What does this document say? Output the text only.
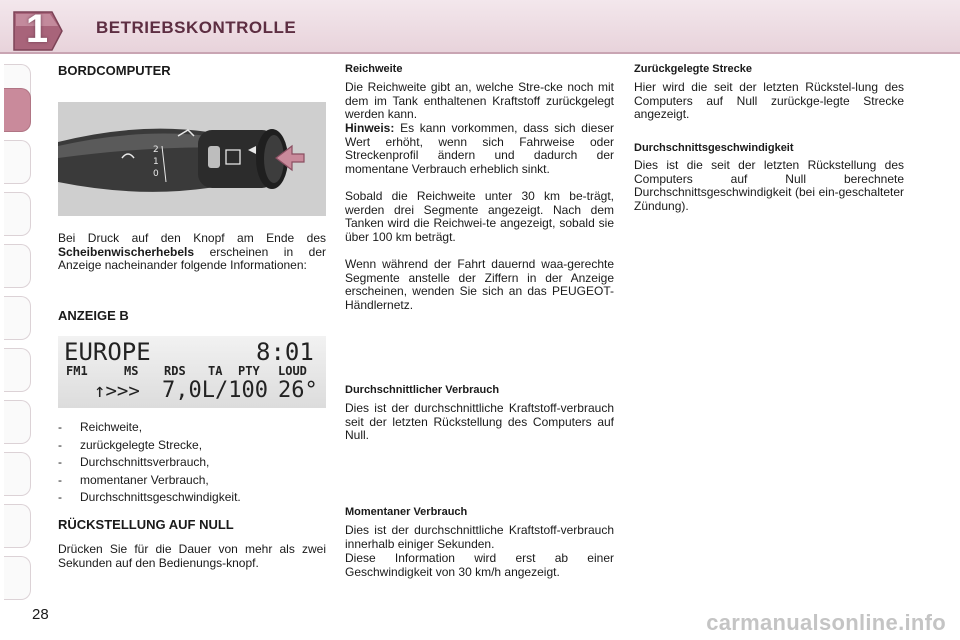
1	BETRIEBSKONTROLLE
BORDCOMPUTER
2
1
0
Bei Druck auf den Knopf am Ende des Scheibenwischerhebels erscheinen in der Anzeige nacheinander folgende Informationen:
ANZEIGE B
EUROPE	8:01
FM1	MS RDS TA PTY LOUD
↑>>> 7,0L/100 26°
- Reichweite,
- zurückgelegte Strecke,
- Durchschnittsverbrauch,
- momentaner Verbrauch,
- Durchschnittsgeschwindigkeit.
RÜCKSTELLUNG AUF NULL
Drücken Sie für die Dauer von mehr als zwei Sekunden auf den Bedienungs-knopf.
Reichweite
Die Reichweite gibt an, welche Stre-cke noch mit dem im Tank enthaltenen Kraftstoff zurückgelegt werden kann.
Hinweis: Es kann vorkommen, dass sich dieser Wert erhöht, wenn sich Fahrweise oder Streckenprofil ändern und dadurch der momentane Verbrauch erheblich sinkt.
Sobald die Reichweite unter 30 km be-trägt, werden drei Segmente angezeigt. Nach dem Tanken wird die Reichwei-te angezeigt, sobald sie über 100 km beträgt.
Wenn während der Fahrt dauernd waa-gerechte Segmente anstelle der Ziffern in der Anzeige erscheinen, wenden Sie sich an das PEUGEOT-Händlernetz.
Durchschnittlicher Verbrauch
Dies ist der durchschnittliche Kraftstoff-verbrauch seit der letzten Rückstellung des Computers auf Null.
Momentaner Verbrauch
Dies ist der durchschnittliche Kraftstoff-verbrauch innerhalb einiger Sekunden.
Diese Information wird erst ab einer Geschwindigkeit von 30 km/h angezeigt.
Zurückgelegte Strecke
Hier wird die seit der letzten Rückstel-lung des Computers auf Null zurückge-legte Strecke angezeigt.
Durchschnittsgeschwindigkeit
Dies ist die seit der letzten Rückstellung des Computers auf Null berechnete Durchschnittsgeschwindigkeit (bei ein-geschalteter Zündung).
28	carmanualsonline.info
